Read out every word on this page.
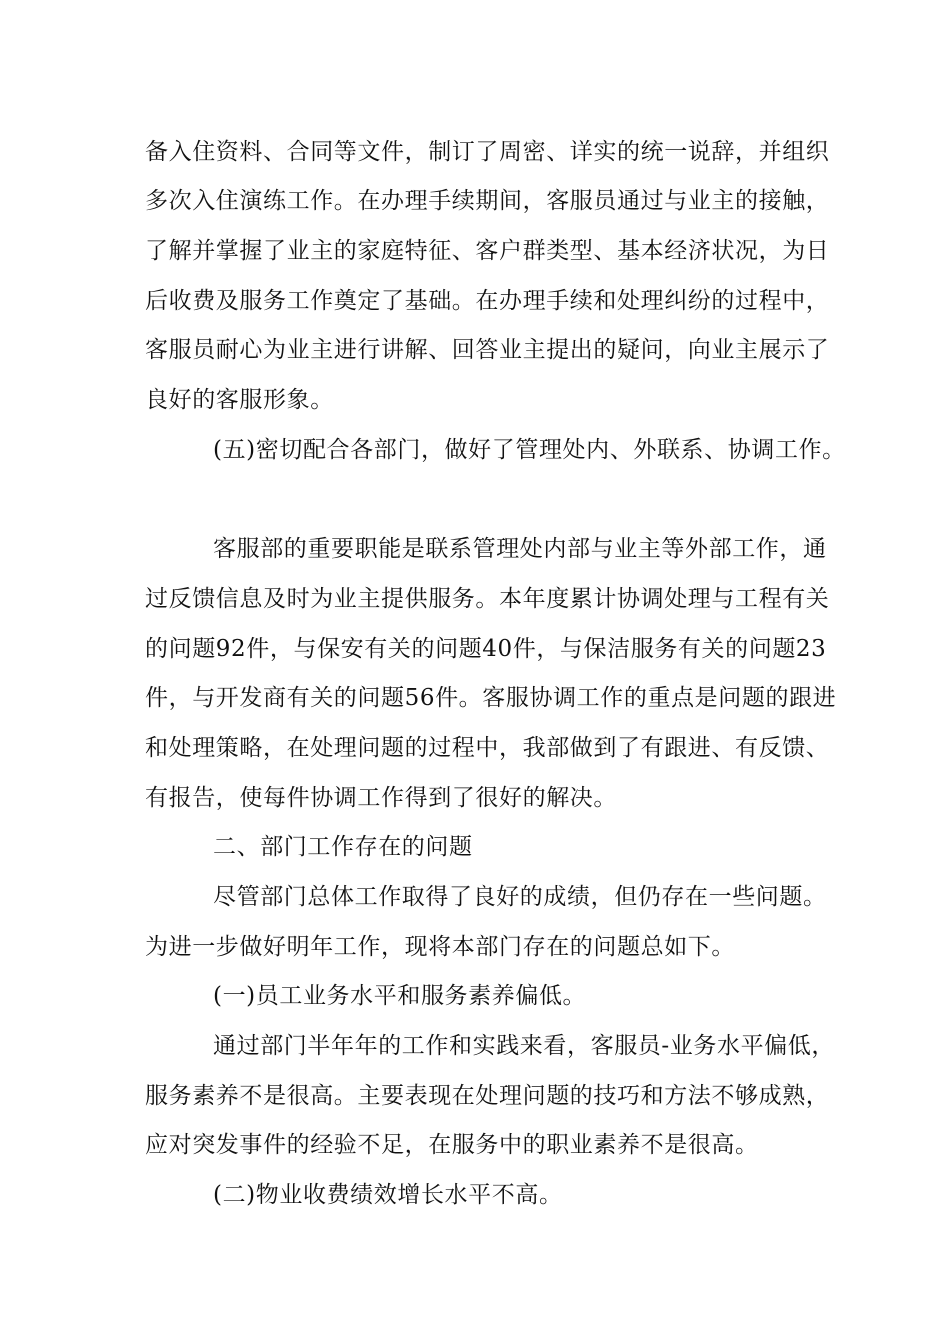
备入住资料、合同等文件，制订了周密、详实的统一说辞，并组织
多次入住演练工作。在办理手续期间，客服员通过与业主的接触，
了解并掌握了业主的家庭特征、客户群类型、基本经济状况，为日
后收费及服务工作奠定了基础。在办理手续和处理纠纷的过程中，
客服员耐心为业主进行讲解、回答业主提出的疑问，向业主展示了
良好的客服形象。
(五)密切配合各部门，做好了管理处内、外联系、协调工作。
客服部的重要职能是联系管理处内部与业主等外部工作，通
过反馈信息及时为业主提供服务。本年度累计协调处理与工程有关
的问题92件，与保安有关的问题40件，与保洁服务有关的问题23
件，与开发商有关的问题56件。客服协调工作的重点是问题的跟进
和处理策略，在处理问题的过程中，我部做到了有跟进、有反馈、
有报告，使每件协调工作得到了很好的解决。
二、部门工作存在的问题
尽管部门总体工作取得了良好的成绩，但仍存在一些问题。
为进一步做好明年工作，现将本部门存在的问题总如下。
(一)员工业务水平和服务素养偏低。
通过部门半年年的工作和实践来看，客服员-业务水平偏低，
服务素养不是很高。主要表现在处理问题的技巧和方法不够成熟，
应对突发事件的经验不足，在服务中的职业素养不是很高。
(二)物业收费绩效增长水平不高。
